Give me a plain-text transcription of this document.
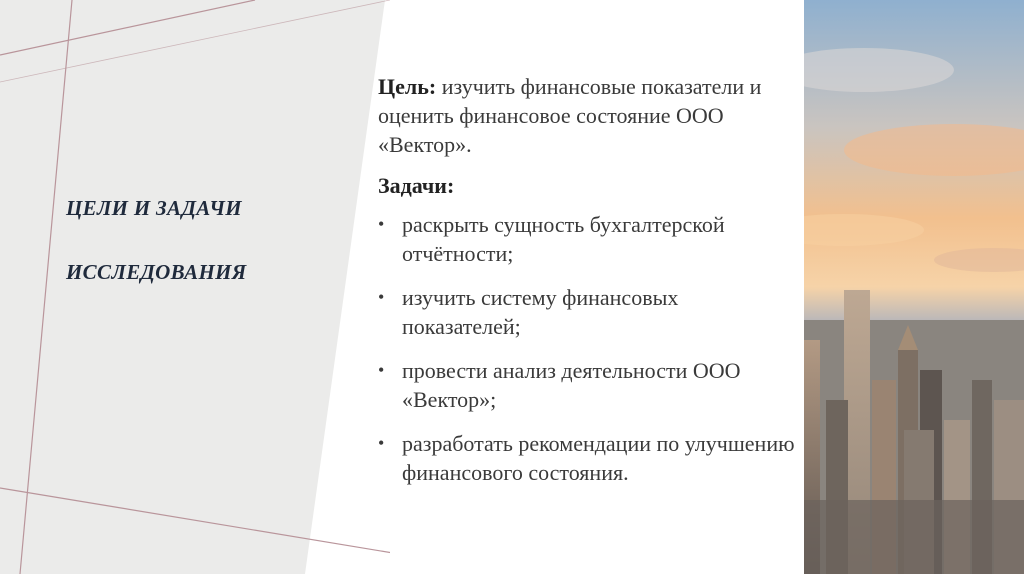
ЦЕЛИ И ЗАДАЧИ
ИССЛЕДОВАНИЯ

Цель: изучить финансовые показатели и оценить финансовое состояние ООО «Вектор».

Задачи:

• раскрыть сущность бухгалтерской отчётности;
• изучить систему финансовых показателей;
• провести анализ деятельности ООО «Вектор»;
• разработать рекомендации по улучшению финансового состояния.
